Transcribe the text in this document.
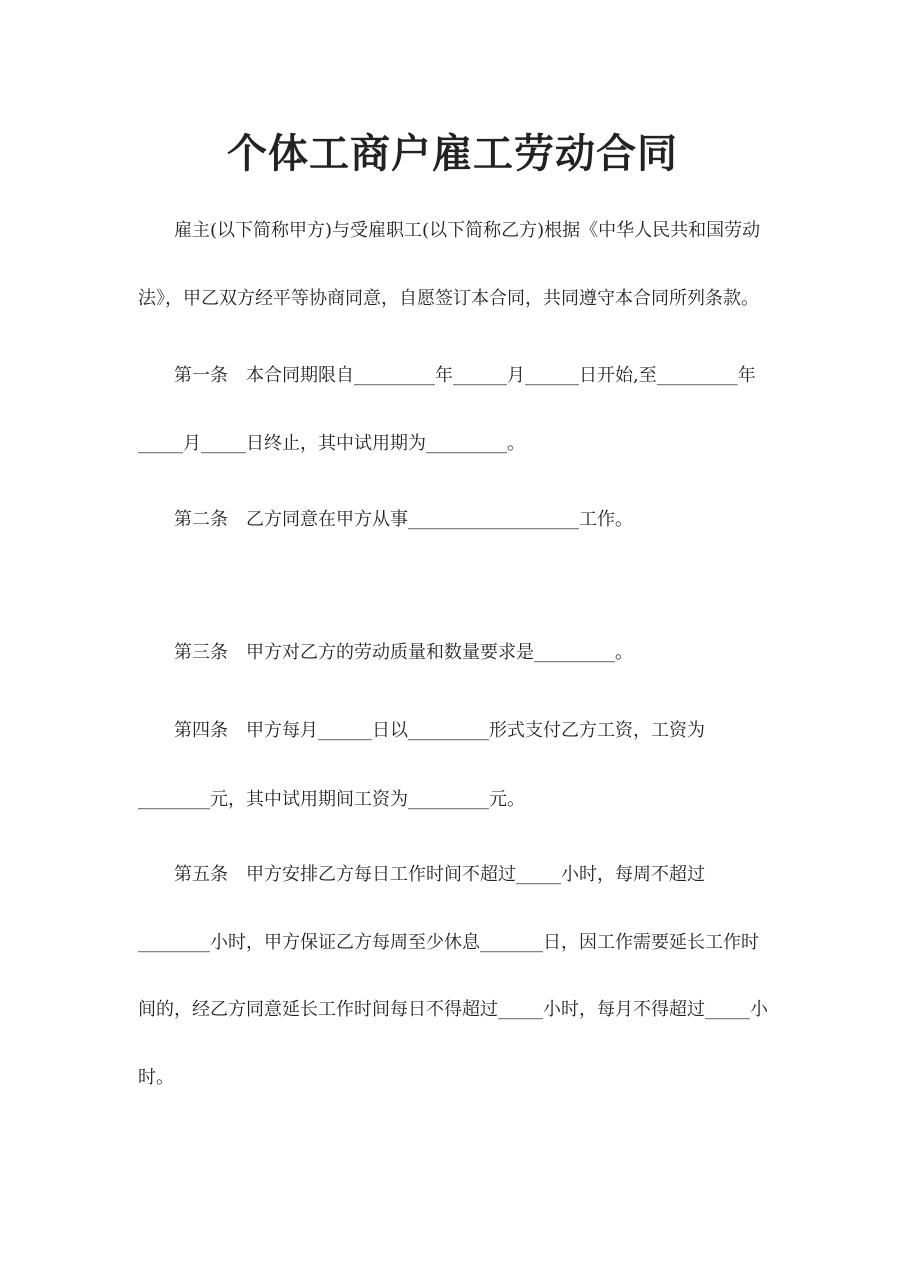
个体工商户雇工劳动合同
雇主(以下简称甲方)与受雇职工(以下简称乙方)根据《中华人民共和国劳动
法》，甲乙双方经平等协商同意，自愿签订本合同，共同遵守本合同所列条款。
第一条 本合同期限自_________年______月______日开始,至_________年
_____月_____日终止，其中试用期为_________。
第二条 乙方同意在甲方从事___________________工作。
第三条 甲方对乙方的劳动质量和数量要求是_________。
第四条 甲方每月______日以_________形式支付乙方工资，工资为
________元，其中试用期间工资为_________元。
第五条 甲方安排乙方每日工作时间不超过_____小时，每周不超过
________小时，甲方保证乙方每周至少休息_______日，因工作需要延长工作时
间的，经乙方同意延长工作时间每日不得超过_____小时，每月不得超过_____小
时。
